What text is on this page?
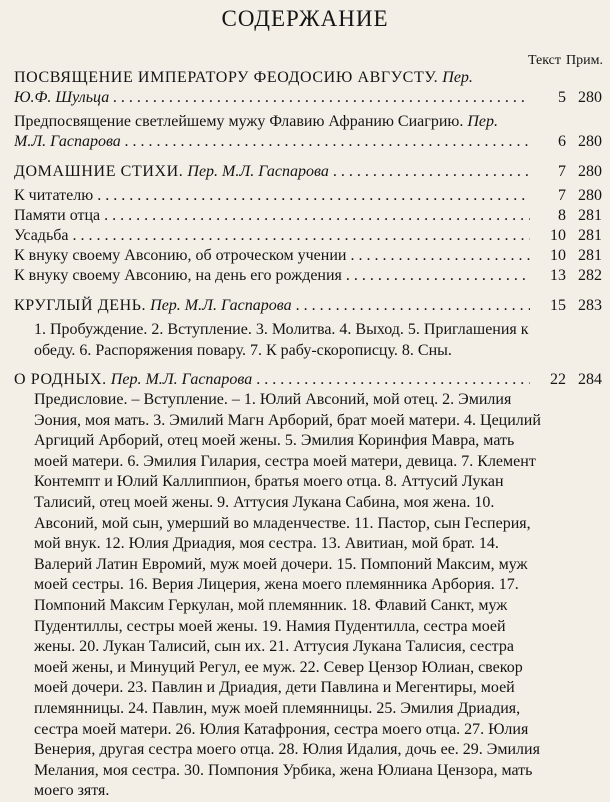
СОДЕРЖАНИЕ
Текст Прим.
ПОСВЯЩЕНИЕ ИМПЕРАТОРУ ФЕОДОСИЮ АВГУСТУ. Пер.
Ю.Ф. Шульца . . .	5 280
Предпосвящение светлейшему мужу Флавию Афранию Сиагрию. Пер.
М.Л. Гаспарова . . .	6 280
ДОМАШНИЕ СТИХИ. Пер. М.Л. Гаспарова . . .	7 280
К читателю . . .	7 280
Памяти отца . . .	8 281
Усадьба . . .	10 281
К внуку своему Авсонию, об отроческом учении . . .	10 281
К внуку своему Авсонию, на день его рождения . . .	13 282
КРУГЛЫЙ ДЕНЬ. Пер. М.Л. Гаспарова . . .	15 283
1. Пробуждение. 2. Вступление. 3. Молитва. 4. Выход. 5. Приглашения к
обеду. 6. Распоряжения повару. 7. К рабу-скорописцу. 8. Сны.
О РОДНЫХ. Пер. М.Л. Гаспарова . . .	22 284
Предисловие. – Вступление. – 1. Юлий Авсоний, мой отец. 2. Эмилия
Эония, моя мать. 3. Эмилий Магн Арборий, брат моей матери. 4. Цецилий
Аргиций Арборий, отец моей жены. 5. Эмилия Коринфия Мавра, мать
моей матери. 6. Эмилия Гилария, сестра моей матери, девица. 7. Клемент
Контемпт и Юлий Каллиппион, братья моего отца. 8. Аттусий Лукан
Талисий, отец моей жены. 9. Аттусия Лукана Сабина, моя жена. 10.
Авсоний, мой сын, умерший во младенчестве. 11. Пастор, сын Гесперия,
мой внук. 12. Юлия Дриадия, моя сестра. 13. Авитиан, мой брат. 14.
Валерий Латин Евромий, муж моей дочери. 15. Помпоний Максим, муж
моей сестры. 16. Верия Лицерия, жена моего племянника Арбория. 17.
Помпоний Максим Геркулан, мой племянник. 18. Флавий Санкт, муж
Пудентиллы, сестры моей жены. 19. Намия Пудентилла, сестра моей
жены. 20. Лукан Талисий, сын их. 21. Аттусия Лукана Талисия, сестра
моей жены, и Минуций Регул, ее муж. 22. Север Цензор Юлиан, свекор
моей дочери. 23. Павлин и Дриадия, дети Павлина и Мегентиры, моей
племянницы. 24. Павлин, муж моей племянницы. 25. Эмилия Дриадия,
сестра моей матери. 26. Юлия Катафрония, сестра моего отца. 27. Юлия
Венерия, другая сестра моего отца. 28. Юлия Идалия, дочь ее. 29. Эмилия
Мелания, моя сестра. 30. Помпония Урбика, жена Юлиана Цензора, мать
моего зятя.
